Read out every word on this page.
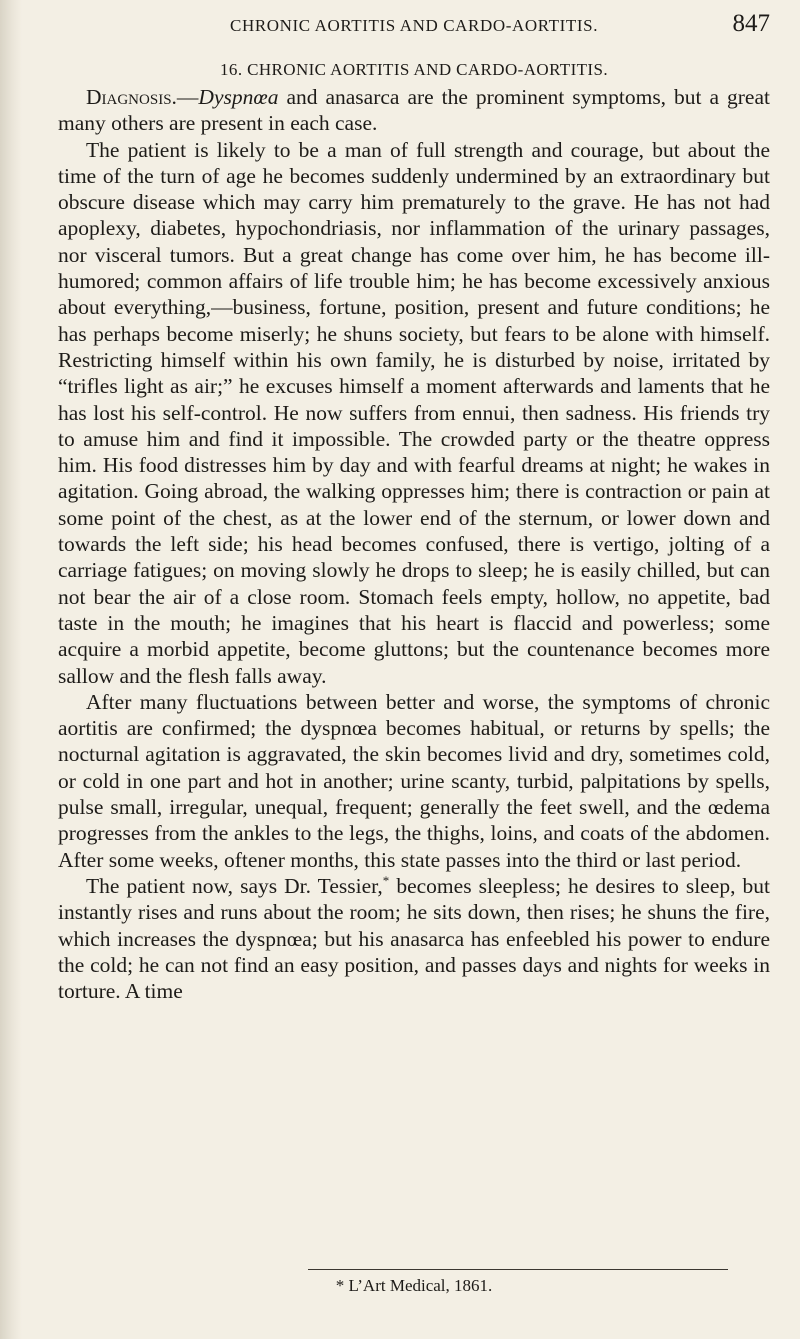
CHRONIC AORTITIS AND CARDO-AORTITIS.	847
16. CHRONIC AORTITIS AND CARDO-AORTITIS.

Diagnosis.—Dyspnœa and anasarca are the prominent symptoms, but a great many others are present in each case.

The patient is likely to be a man of full strength and courage, but about the time of the turn of age he becomes suddenly undermined by an extraordinary but obscure disease which may carry him prematurely to the grave. He has not had apoplexy, diabetes, hypochondriasis, nor inflammation of the urinary passages, nor visceral tumors. But a great change has come over him, he has become ill-humored; common affairs of life trouble him; he has become excessively anxious about everything,—business, fortune, position, present and future conditions; he has perhaps become miserly; he shuns society, but fears to be alone with himself. Restricting himself within his own family, he is disturbed by noise, irritated by “trifles light as air;” he excuses himself a moment afterwards and laments that he has lost his self-control. He now suffers from ennui, then sadness. His friends try to amuse him and find it impossible. The crowded party or the theatre oppress him. His food distresses him by day and with fearful dreams at night; he wakes in agitation. Going abroad, the walking oppresses him; there is contraction or pain at some point of the chest, as at the lower end of the sternum, or lower down and towards the left side; his head becomes confused, there is vertigo, jolting of a carriage fatigues; on moving slowly he drops to sleep; he is easily chilled, but can not bear the air of a close room. Stomach feels empty, hollow, no appetite, bad taste in the mouth; he imagines that his heart is flaccid and powerless; some acquire a morbid appetite, become gluttons; but the countenance becomes more sallow and the flesh falls away.

After many fluctuations between better and worse, the symptoms of chronic aortitis are confirmed; the dyspnœa becomes habitual, or returns by spells; the nocturnal agitation is aggravated, the skin becomes livid and dry, sometimes cold, or cold in one part and hot in another; urine scanty, turbid, palpitations by spells, pulse small, irregular, unequal, frequent; generally the feet swell, and the œdema progresses from the ankles to the legs, the thighs, loins, and coats of the abdomen. After some weeks, oftener months, this state passes into the third or last period.

The patient now, says Dr. Tessier,* becomes sleepless; he desires to sleep, but instantly rises and runs about the room; he sits down, then rises; he shuns the fire, which increases the dyspnœa; but his anasarca has enfeebled his power to endure the cold; he can not find an easy position, and passes days and nights for weeks in torture. A time

* L’Art Medical, 1861.
